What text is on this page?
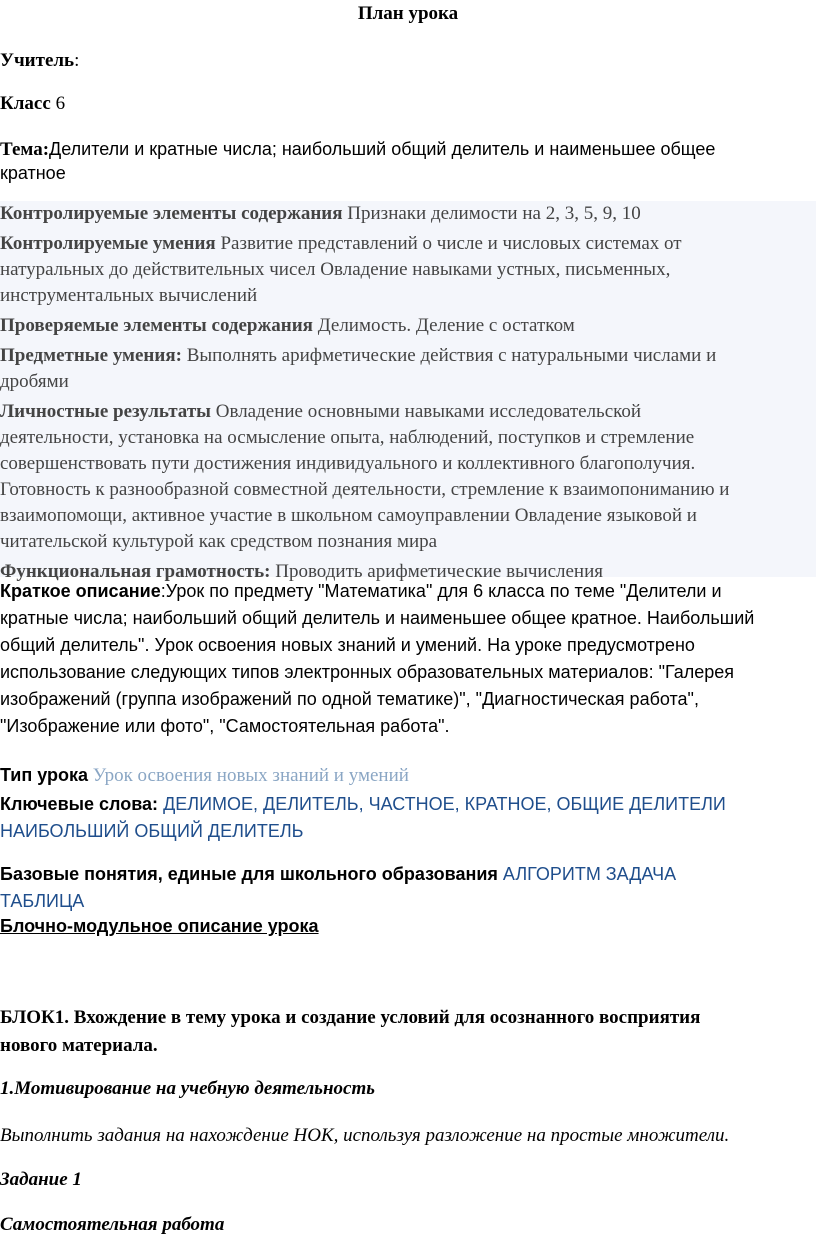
План урока
Учитель:
Класс 6
Тема:Делители и кратные числа; наибольший общий делитель и наименьшее общее
кратное
Контролируемые элементы содержания Признаки делимости на 2, 3, 5, 9, 10
Контролируемые умения Развитие представлений о числе и числовых системах от
натуральных до действительных чисел Овладение навыками устных, письменных,
инструментальных вычислений
Проверяемые элементы содержания Делимость. Деление с остатком
Предметные умения: Выполнять арифметические действия с натуральными числами и
дробями
Личностные результаты Овладение основными навыками исследовательской
деятельности, установка на осмысление опыта, наблюдений, поступков и стремление
совершенствовать пути достижения индивидуального и коллективного благополучия.
Готовность к разнообразной совместной деятельности, стремление к взаимопониманию и
взаимопомощи, активное участие в школьном самоуправлении Овладение языковой и
читательской культурой как средством познания мира
Функциональная грамотность: Проводить арифметические вычисления
Краткое описание:Урок по предмету "Математика" для 6 класса по теме "Делители и
кратные числа; наибольший общий делитель и наименьшее общее кратное. Наибольший
общий делитель". Урок освоения новых знаний и умений. На уроке предусмотрено
использование следующих типов электронных образовательных материалов: "Галерея
изображений (группа изображений по одной тематике)", "Диагностическая работа",
"Изображение или фото", "Самостоятельная работа".
Тип урока Урок освоения новых знаний и умений
Ключевые слова: ДЕЛИМОЕ, ДЕЛИТЕЛЬ, ЧАСТНОЕ, КРАТНОЕ, ОБЩИЕ ДЕЛИТЕЛИ
НАИБОЛЬШИЙ ОБЩИЙ ДЕЛИТЕЛЬ
Базовые понятия, единые для школьного образования АЛГОРИТМ ЗАДАЧА
ТАБЛИЦА
Блочно-модульное описание урока
БЛОК1. Вхождение в тему урока и создание условий для осознанного восприятия
нового материала.
1.Мотивирование на учебную деятельность
Выполнить задания на нахождение НОК, используя разложение на простые множители.
Задание 1
Самостоятельная работа
